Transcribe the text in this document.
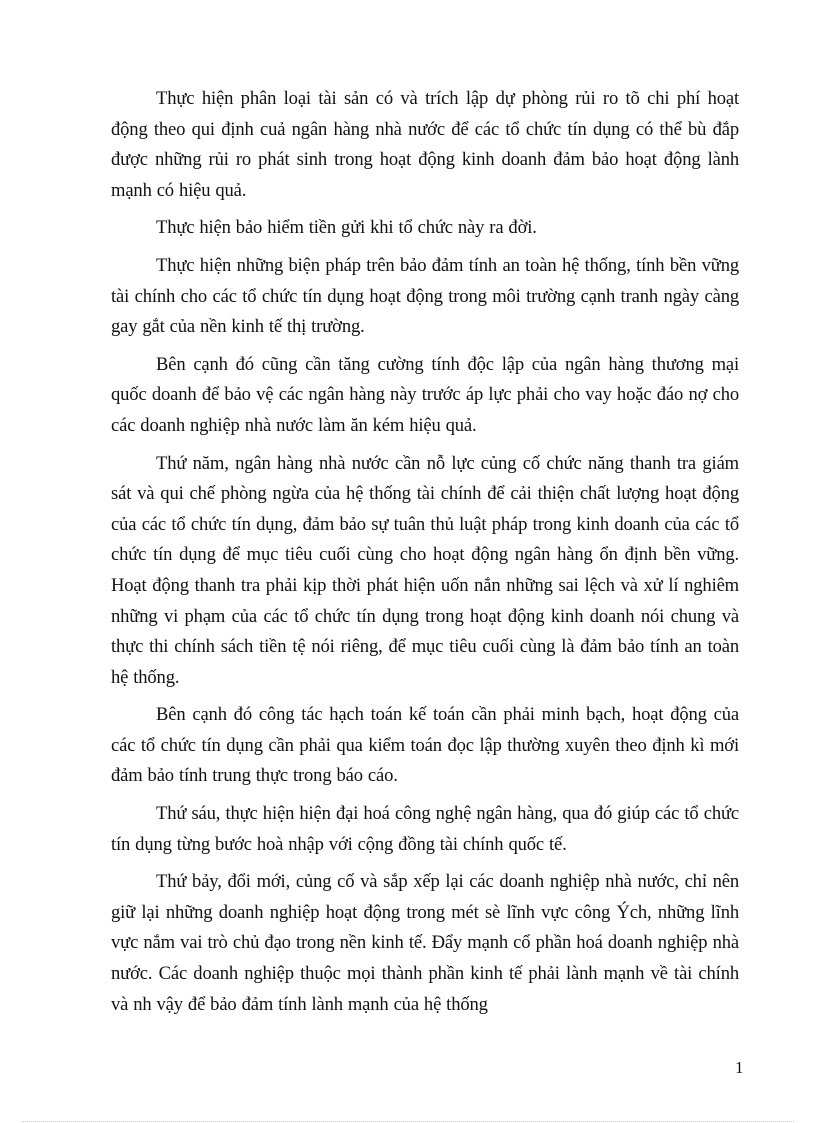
Thực hiện phân loại tài sản có và trích lập dự phòng rủi ro tõ chi phí hoạt động theo qui định cuả ngân hàng nhà nước để các tổ chức tín dụng có thể bù đắp được những rủi ro phát sinh trong hoạt động kinh doanh đảm bảo hoạt động lành mạnh có hiệu quả.

Thực hiện bảo hiểm tiền gửi khi tổ chức này ra đời.

Thực hiện những biện pháp trên bảo đảm tính an toàn hệ thống, tính bền vững tài chính cho các tổ chức tín dụng hoạt động trong môi trường cạnh tranh ngày càng gay gắt của nền kinh tế thị trường.

Bên cạnh đó cũng cần tăng cường tính độc lập của ngân hàng thương mại quốc doanh để bảo vệ các ngân hàng này trước áp lực phải cho vay hoặc đáo nợ cho các doanh nghiệp nhà nước làm ăn kém hiệu quả.

Thứ năm, ngân hàng nhà nước cần nỗ lực củng cố chức năng thanh tra giám sát và qui chế phòng ngừa của hệ thống tài chính để cải thiện chất lượng hoạt động của các tổ chức tín dụng, đảm bảo sự tuân thủ luật pháp trong kinh doanh của các tổ chức tín dụng để mục tiêu cuối cùng cho hoạt động ngân hàng ổn định bền vững. Hoạt động thanh tra phải kịp thời phát hiện uốn nắn những sai lệch và xử lí nghiêm những vi phạm của các tổ chức tín dụng trong hoạt động kinh doanh nói chung và thực thi chính sách tiền tệ nói riêng, để mục tiêu cuối cùng là đảm bảo tính an toàn hệ thống.

Bên cạnh đó công tác hạch toán kế toán cần phải minh bạch, hoạt động của các tổ chức tín dụng cần phải qua kiểm toán đọc lập thường xuyên theo định kì mới đảm bảo tính trung thực trong báo cáo.

Thứ sáu, thực hiện hiện đại hoá công nghệ ngân hàng, qua đó giúp các tổ chức tín dụng từng bước hoà nhập với cộng đồng tài chính quốc tế.

Thứ bảy, đổi mới, củng cố và sắp xếp lại các doanh nghiệp nhà nước, chỉ nên giữ lại những doanh nghiệp hoạt động trong mét sè lĩnh vực công Ých, những lĩnh vực nắm vai trò chủ đạo trong nền kinh tế. Đẩy mạnh cổ phần hoá doanh nghiệp nhà nước. Các doanh nghiệp thuộc mọi thành phần kinh tế phải lành mạnh về tài chính và nh vậy để bảo đảm tính lành mạnh của hệ thống

1
